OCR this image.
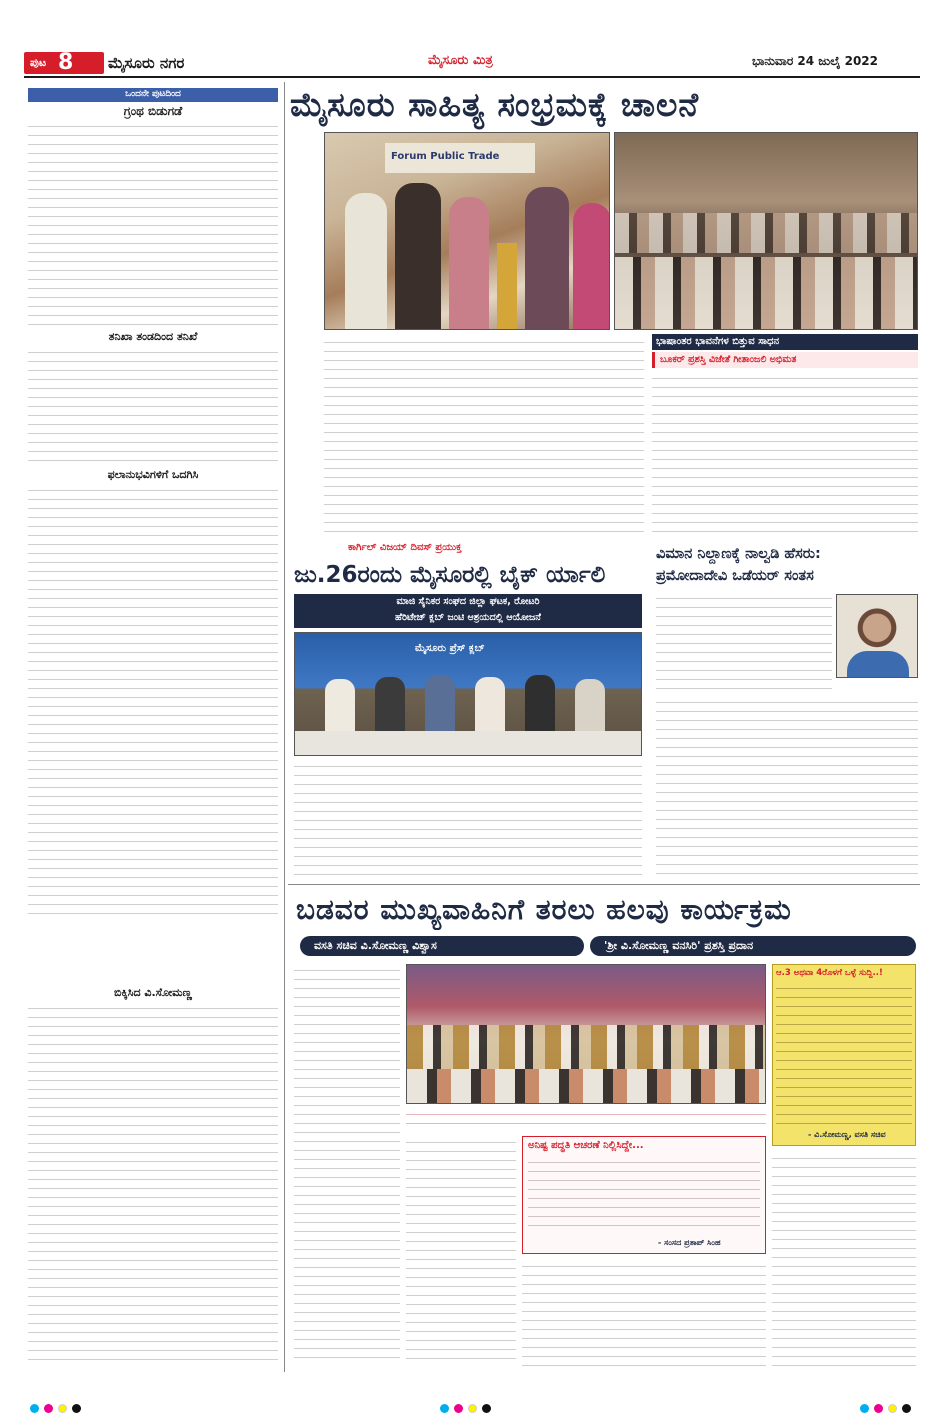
ಪುಟ 8 ಮೈಸೂರು ನಗರ	ಮೈಸೂರು ಮಿತ್ರ	ಭಾನುವಾರ 24 ಜುಲೈ 2022
ಒಂದನೇ ಪುಟದಿಂದ
ಗ್ರಂಥ ಬಿಡುಗಡೆ
ತನಿಖಾ ತಂಡದಿಂದ ತನಿಖೆ
ಫಲಾನುಭವಿಗಳಿಗೆ ಒದಗಿಸಿ
ಬಿಕ್ಕಿಸಿದ ವಿ.ಸೋಮಣ್ಣ
ಮೈಸೂರು ಸಾಹಿತ್ಯ ಸಂಭ್ರಮಕ್ಕೆ ಚಾಲನೆ
Forum Public Trade
ಭಾಷಾಂತರ ಭಾವನೆಗಳ ಬಿತ್ತುವ ಸಾಧನ
ಬೂಕರ್ ಪ್ರಶಸ್ತಿ ವಿಜೇತೆ ಗೀತಾಂಜಲಿ ಅಭಿಮತ
ಕಾರ್ಗಿಲ್ ವಿಜಯ್ ದಿವಸ್ ಪ್ರಯುಕ್ತ
ಜು.26ರಂದು ಮೈಸೂರಲ್ಲಿ ಬೈಕ್ ರ್ಯಾಲಿ
ಮಾಜಿ ಸೈನಿಕರ ಸಂಘದ ಜಿಲ್ಲಾ ಘಟಕ, ರೋಟರಿ
ಹೆರಿಟೇಜ್ ಕ್ಲಬ್ ಜಂಟಿ ಆಶ್ರಯದಲ್ಲಿ ಆಯೋಜನೆ
ಮೈಸೂರು ಪ್ರೆಸ್ ಕ್ಲಬ್
ವಿಮಾನ ನಿಲ್ದಾಣಕ್ಕೆ ನಾಲ್ವಡಿ ಹೆಸರು:
ಪ್ರಮೋದಾದೇವಿ ಒಡೆಯರ್ ಸಂತಸ
ಬಡವರ ಮುಖ್ಯವಾಹಿನಿಗೆ ತರಲು ಹಲವು ಕಾರ್ಯಕ್ರಮ
ವಸತಿ ಸಚಿವ ವಿ.ಸೋಮಣ್ಣ ವಿಶ್ವಾಸ	'ಶ್ರೀ ವಿ.ಸೋಮಣ್ಣ ವನಸಿರಿ' ಪ್ರಶಸ್ತಿ ಪ್ರದಾನ
ಅನಿಷ್ಟ ಪದ್ಧತಿ ಆಚರಣೆ ನಿಲ್ಲಿಸಿದ್ದೇ...
- ಸಂಸದ ಪ್ರತಾಪ್ ಸಿಂಹ
ಆ.3 ಅಥವಾ 4ರೊಳಗೆ ಒಳ್ಳೆ ಸುದ್ದಿ..!
- ವಿ.ಸೋಮಣ್ಣ, ವಸತಿ ಸಚಿವ
